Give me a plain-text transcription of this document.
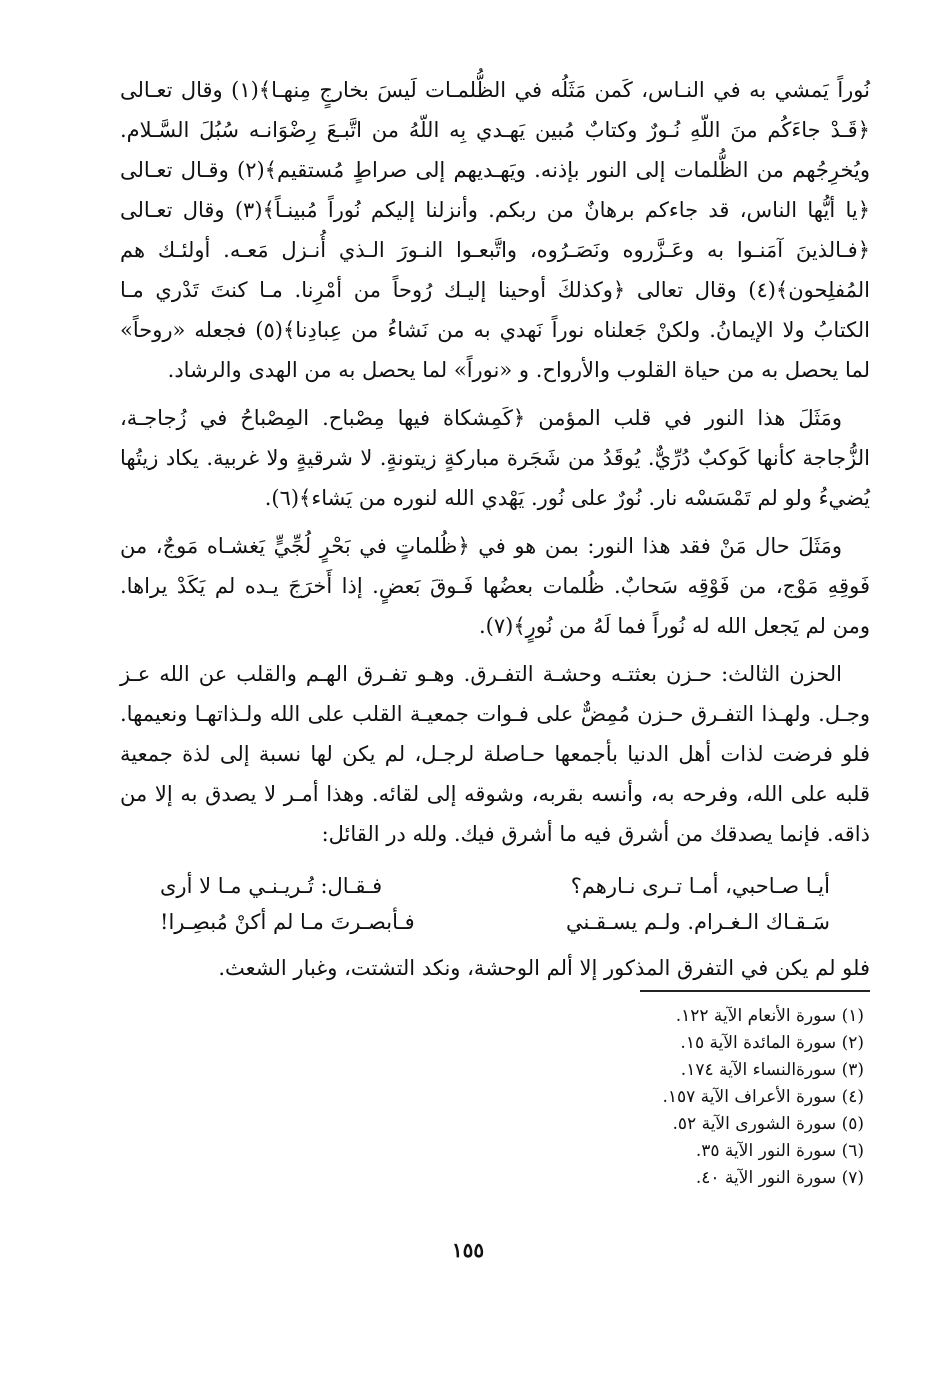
نُوراً يَمشي به في النـاس، كَمن مَثَلُه في الظُّلمـات لَيسَ بخارجٍ مِنهـا﴾(١) وقال تعـالى ﴿قَـدْ جاءَكُم منَ اللّهِ نُـورٌ وكتابٌ مُبين يَهـدي بِه اللّهُ من اتَّبـعَ رِضْوَانـه سُبُلَ السَّـلام. ويُخرِجُهم من الظُّلمات إلى النور بإذنه. ويَهـديهم إلى صراطٍ مُستقيم﴾(٢) وقـال تعـالى ﴿يا أيُّها الناس، قد جاءكم برهانٌ من ربكم. وأنزلنا إليكم نُوراً مُبينـاً﴾(٣) وقال تعـالى ﴿فـالذينَ آمَنـوا به وعَـزَّروه ونَصَـرُوه، واتَّبعـوا النـورَ الـذي أُنـزل مَعـه. أولئـك هم المُفلِحون﴾(٤) وقال تعالى ﴿وكذلكَ أوحينا إليـك رُوحاً من أمْرِنا. مـا كنتَ تَدْري مـا الكتابُ ولا الإيمانُ. ولكنْ جَعلناه نوراً نَهدي به من نَشاءُ من عِبادِنا﴾(٥) فجعله «روحاً» لما يحصل به من حياة القلوب والأرواح. و «نوراً» لما يحصل به من الهدى والرشاد.

ومَثَلَ هذا النور في قلب المؤمن ﴿كَمِشكاة فيها مِصْباح. المِصْباحُ في زُجاجـة، الزُّجاجة كأنها كَوكبٌ دُرِّيٌّ. يُوقَدُ من شَجَرة مباركةٍ زيتونةٍ. لا شرقيةٍ ولا غربية. يكاد زيتُها يُضيءُ ولو لم تَمْسَسْه نار. نُورٌ على نُور. يَهْدي الله لنوره من يَشاء﴾(٦).

ومَثَلَ حال مَنْ فقد هذا النور: بمن هو في ﴿ظُلماتٍ في بَحْرٍ لُجِّيٍّ يَغشـاه مَوجٌ، من فَوقِهِ مَوْج، من فَوْقِه سَحابٌ. ظُلمات بعضُها فَـوقَ بَعضٍ. إذا أَخرَجَ يـده لم يَكَدْ يراها. ومن لم يَجعل الله له نُوراً فما لَهُ من نُورٍ﴾(٧).

الحزن الثالث: حـزن بعثتـه وحشـة التفـرق. وهـو تفـرق الهـم والقلب عن الله عـز وجـل. ولهـذا التفـرق حـزن مُمِضٌّ على فـوات جمعيـة القلب على الله ولـذاتهـا ونعيمها. فلو فرضت لذات أهل الدنيا بأجمعها حـاصلة لرجـل، لم يكن لها نسبة إلى لذة جمعية قلبه على الله، وفرحه به، وأنسه بقربه، وشوقه إلى لقائه. وهذا أمـر لا يصدق به إلا من ذاقه. فإنما يصدقك من أشرق فيه ما أشرق فيك. ولله در القائل:

أيـا صـاحبي، أمـا تـرى نـارهم؟
فـقـال: تُـريـنـي مـا لا أرى
سَـقـاك الـغـرام. ولـم يسـقـني
فـأبصـرتَ مـا لم أكنْ مُبصِـرا!

فلو لم يكن في التفرق المذكور إلا ألم الوحشة، ونكد التشتت، وغبار الشعث.

(١) سورة الأنعام الآية ١٢٢.
(٢) سورة المائدة الآية ١٥.
(٣) سورةالنساء الآية ١٧٤.
(٤) سورة الأعراف الآية ١٥٧.
(٥) سورة الشورى الآية ٥٢.
(٦) سورة النور الآية ٣٥.
(٧) سورة النور الآية ٤٠.
١٥٥
